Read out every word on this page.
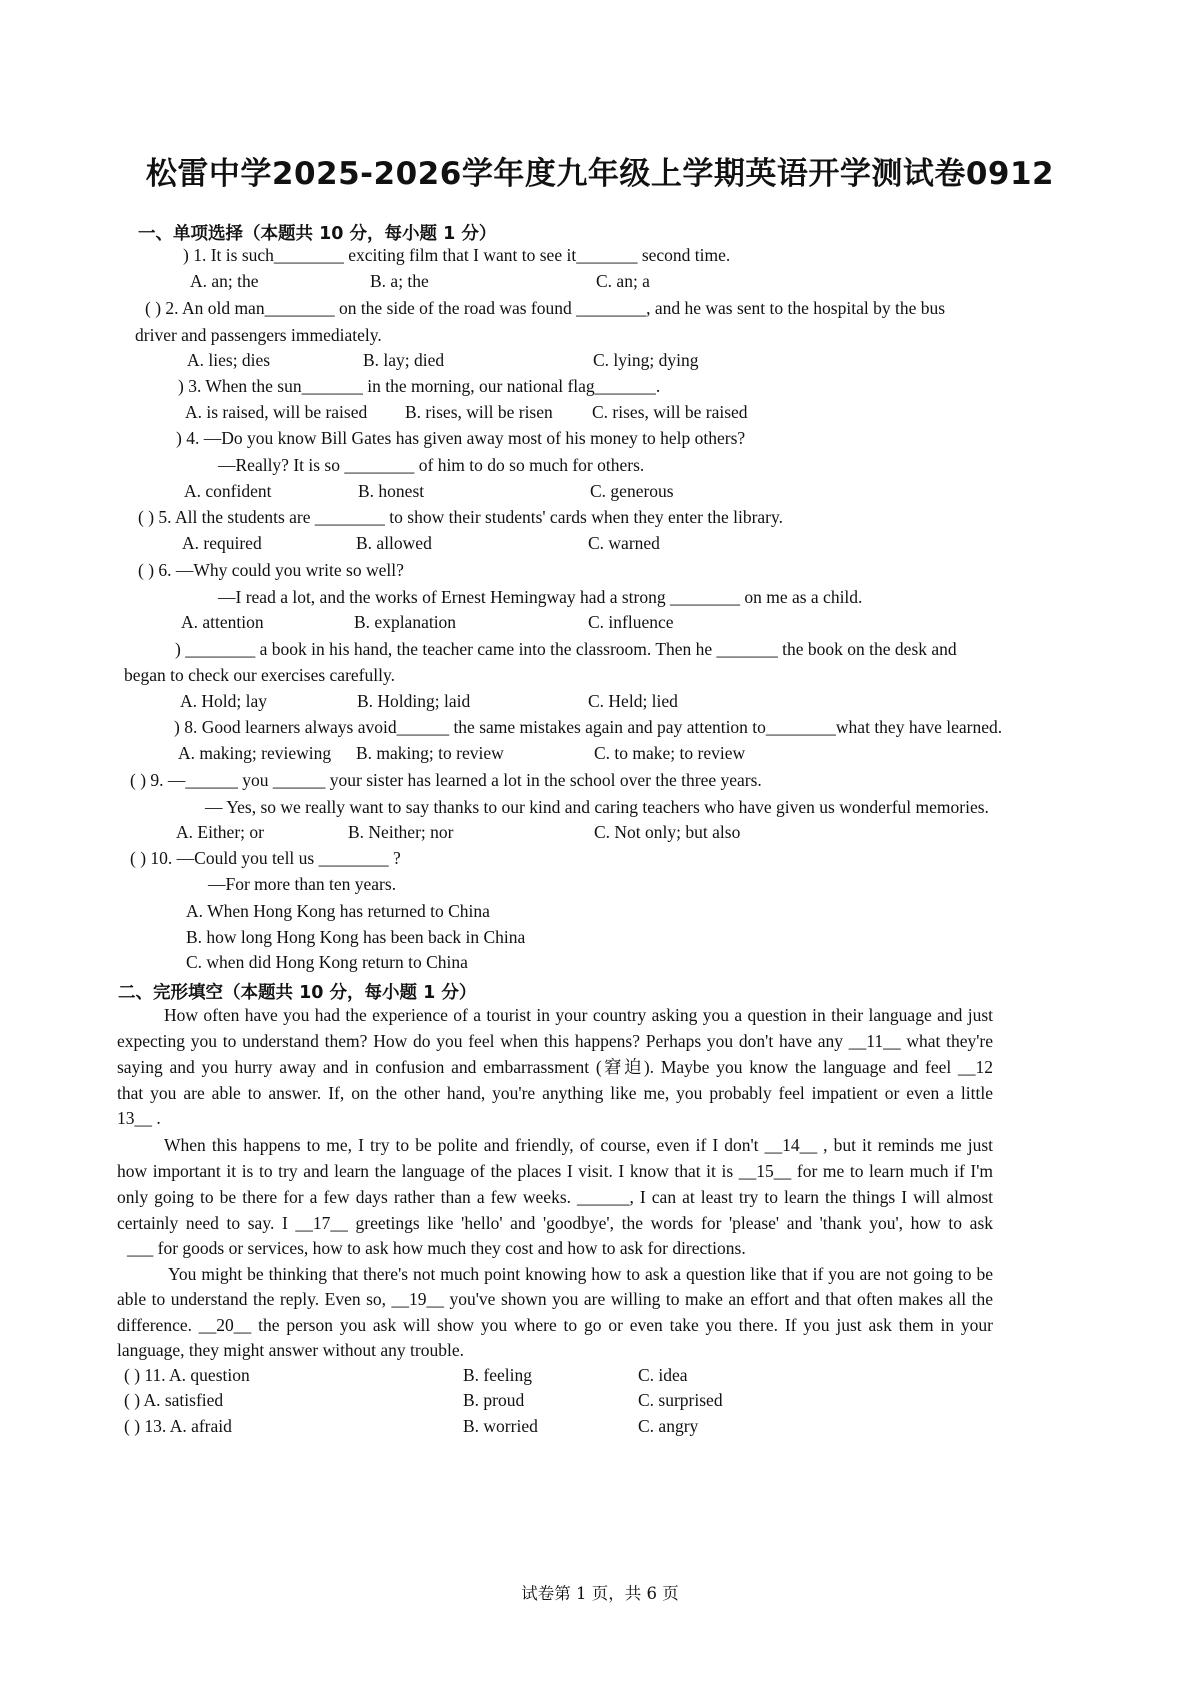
松雷中学2025-2026学年度九年级上学期英语开学测试卷0912
一、单项选择（本题共 10 分，每小题 1 分）
) 1. It is such________ exciting film that I want to see it_______ second time.
A. an; the	B. a; the	C. an; a
( ) 2. An old man________ on the side of the road was found ________, and he was sent to the hospital by the bus
driver and passengers immediately.
A. lies; dies	B. lay; died	C. lying; dying
) 3. When the sun_______ in the morning, our national flag_______.
A. is raised, will be raised B. rises, will be risen C. rises, will be raised
) 4. —Do you know Bill Gates has given away most of his money to help others?
—Really? It is so ________ of him to do so much for others.
A. confident	B. honest	C. generous
( ) 5. All the students are ________ to show their students' cards when they enter the library.
A. required	B. allowed	C. warned
( ) 6. —Why could you write so well?
—I read a lot, and the works of Ernest Hemingway had a strong ________ on me as a child.
A. attention	B. explanation	C. influence
) ________ a book in his hand, the teacher came into the classroom. Then he _______ the book on the desk and
began to check our exercises carefully.
A. Hold; lay	B. Holding; laid	C. Held; lied
) 8. Good learners always avoid______ the same mistakes again and pay attention to________what they have learned.
A. making; reviewing B. making; to review	C. to make; to review
( ) 9. —______ you ______ your sister has learned a lot in the school over the three years.
— Yes, so we really want to say thanks to our kind and caring teachers who have given us wonderful memories.
A. Either; or	B. Neither; nor	C. Not only; but also
( ) 10. —Could you tell us ________ ?
—For more than ten years.
A. When Hong Kong has returned to China
B. how long Hong Kong has been back in China
C. when did Hong Kong return to China
二、完形填空（本题共 10 分，每小题 1 分）
How often have you had the experience of a tourist in your country asking you a question in their language and just
expecting you to understand them? How do you feel when this happens? Perhaps you don't have any __11__ what they're
saying and you hurry away and in confusion and embarrassment (窘迫). Maybe you know the language and feel __12
that you are able to answer. If, on the other hand, you're anything like me, you probably feel impatient or even a little
13__ .
When this happens to me, I try to be polite and friendly, of course, even if I don't __14__ , but it reminds me just
how important it is to try and learn the language of the places I visit. I know that it is __15__ for me to learn much if I'm
only going to be there for a few days rather than a few weeks. ______, I can at least try to learn the things I will almost
certainly need to say. I __17__ greetings like 'hello' and 'goodbye', the words for 'please' and 'thank you', how to ask
___ for goods or services, how to ask how much they cost and how to ask for directions.
You might be thinking that there's not much point knowing how to ask a question like that if you are not going to be
able to understand the reply. Even so, __19__ you've shown you are willing to make an effort and that often makes all the
difference. __20__ the person you ask will show you where to go or even take you there. If you just ask them in your
language, they might answer without any trouble.
( ) 11. A. question	B. feeling	C. idea
( ) A. satisfied	B. proud	C. surprised
( ) 13. A. afraid	B. worried	C. angry
试卷第 1 页，共 6 页
